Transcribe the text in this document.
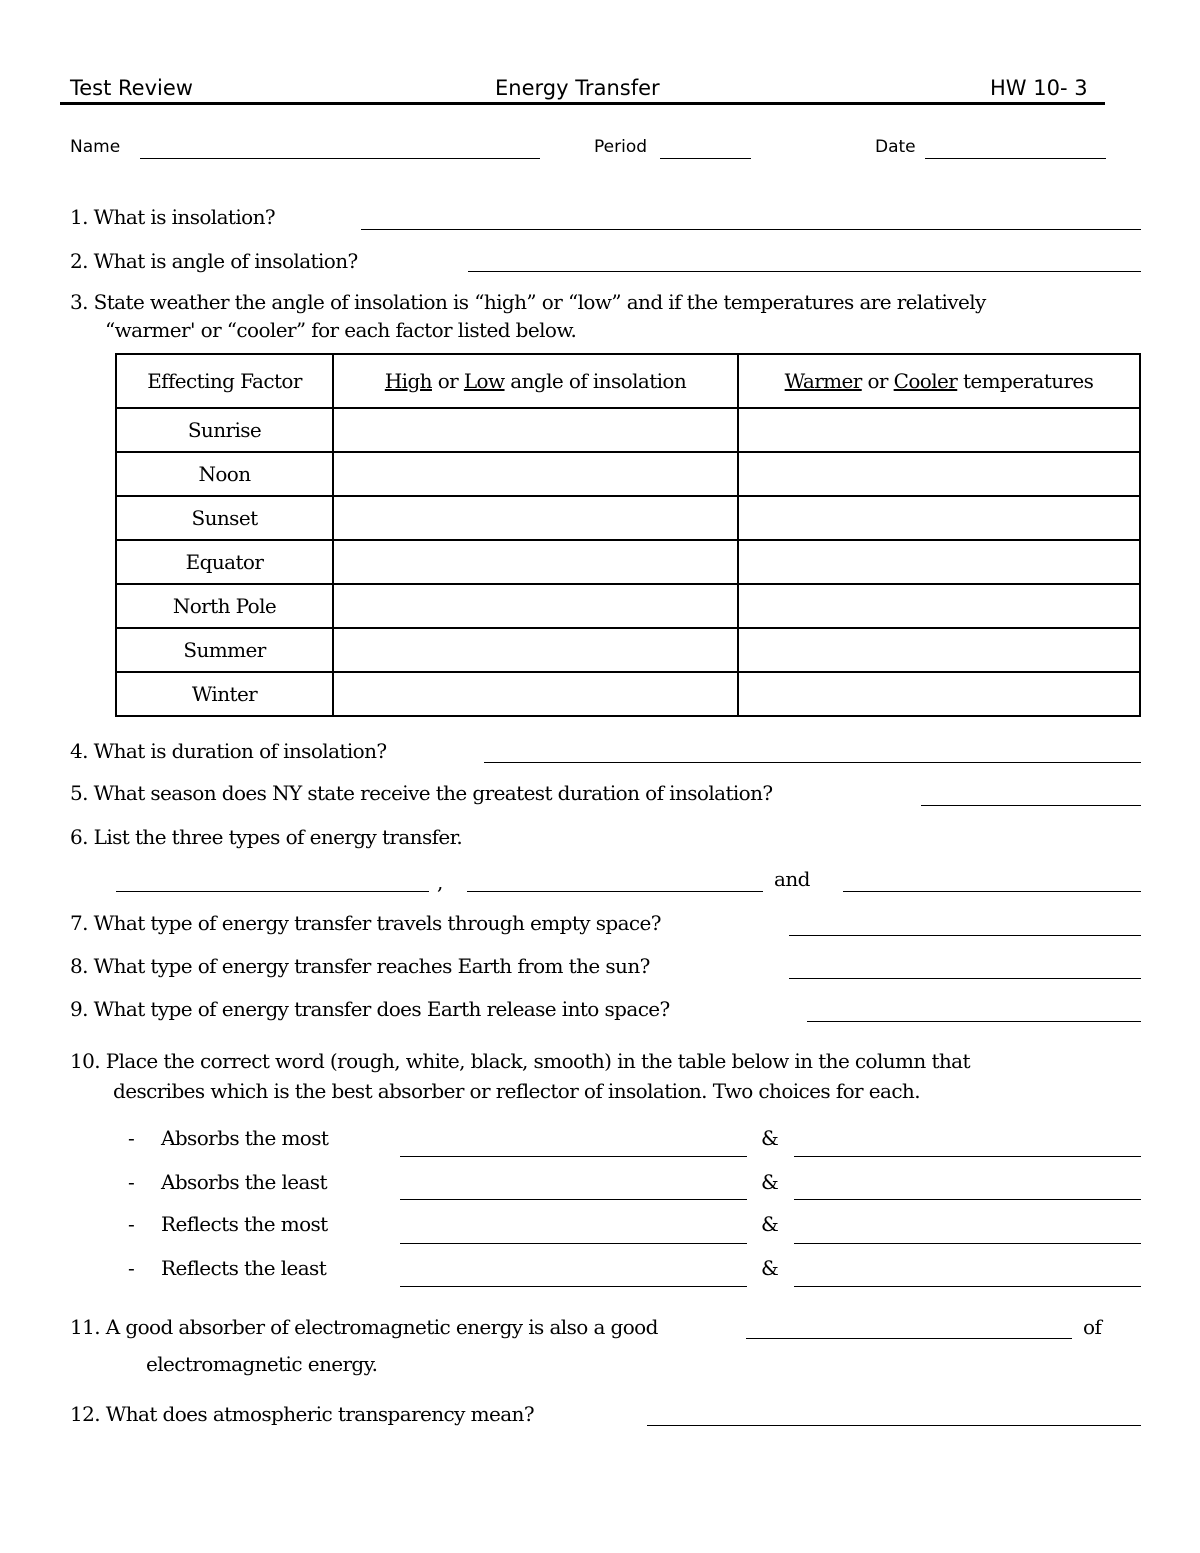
Test Review	Energy Transfer	HW 10- 3
Name	Period	Date
1. What is insolation?
2. What is angle of insolation?
3. State weather the angle of insolation is “high” or “low” and if the temperatures are relatively
“warmer' or “cooler” for each factor listed below.
Effecting Factor	High or Low angle of insolation	Warmer or Cooler temperatures
Sunrise		
Noon		
Sunset		
Equator		
North Pole		
Summer		
Winter		
4. What is duration of insolation?
5. What season does NY state receive the greatest duration of insolation?
6. List the three types of energy transfer.
,	and
7. What type of energy transfer travels through empty space?
8. What type of energy transfer reaches Earth from the sun?
9. What type of energy transfer does Earth release into space?
10. Place the correct word (rough, white, black, smooth) in the table below in the column that
describes which is the best absorber or reflector of insolation. Two choices for each.
- Absorbs the most	&
- Absorbs the least	&
- Reflects the most	&
- Reflects the least	&
11. A good absorber of electromagnetic energy is also a good	of
electromagnetic energy.
12. What does atmospheric transparency mean?
